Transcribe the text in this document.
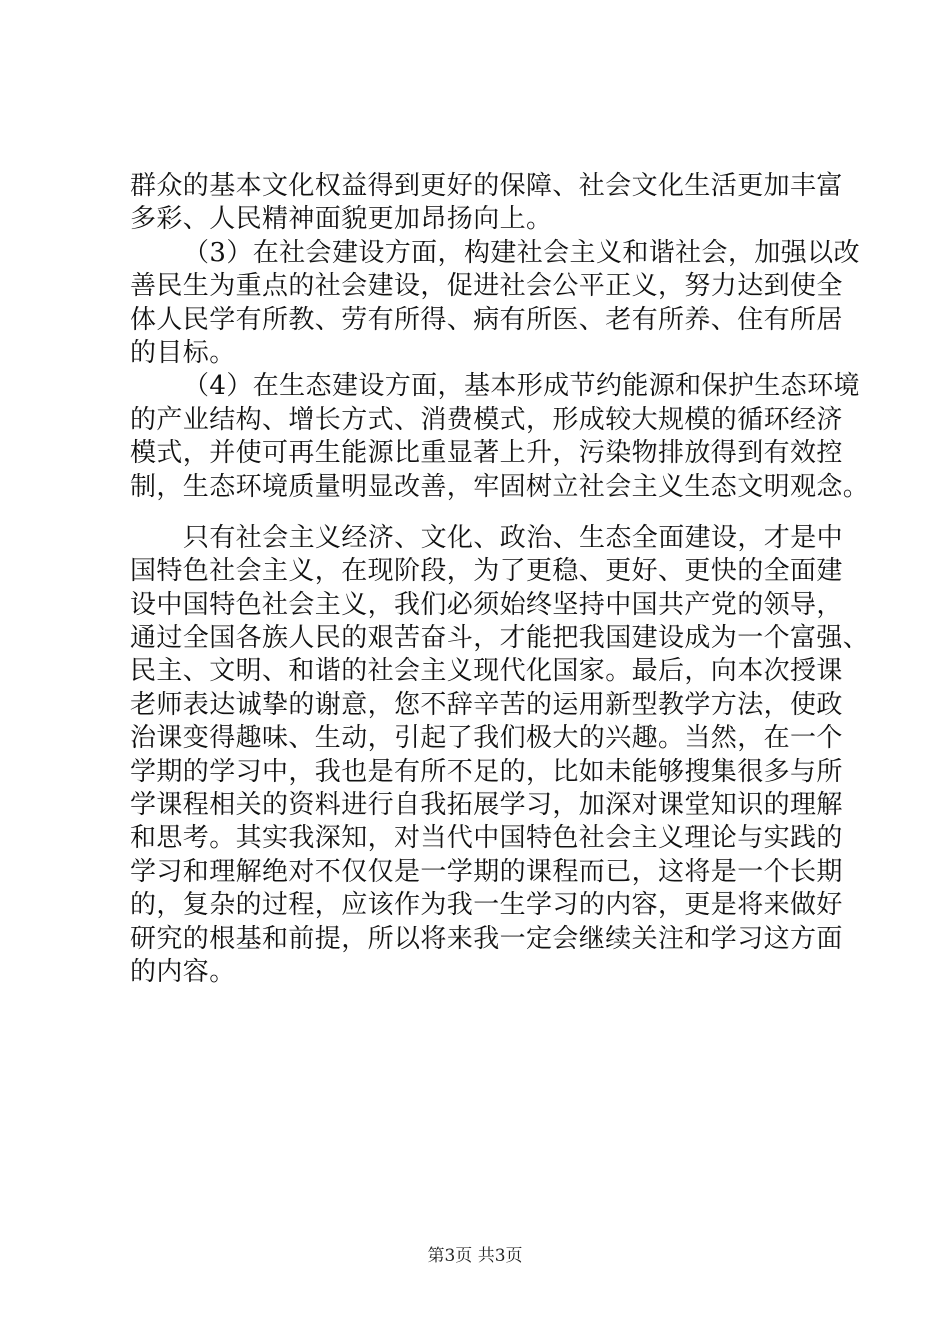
群众的基本文化权益得到更好的保障、社会文化生活更加丰富
多彩、人民精神面貌更加昂扬向上。
（3）在社会建设方面，构建社会主义和谐社会，加强以改
善民生为重点的社会建设，促进社会公平正义，努力达到使全
体人民学有所教、劳有所得、病有所医、老有所养、住有所居
的目标。
（4）在生态建设方面，基本形成节约能源和保护生态环境
的产业结构、增长方式、消费模式，形成较大规模的循环经济
模式，并使可再生能源比重显著上升，污染物排放得到有效控
制，生态环境质量明显改善，牢固树立社会主义生态文明观念。
只有社会主义经济、文化、政治、生态全面建设，才是中
国特色社会主义，在现阶段，为了更稳、更好、更快的全面建
设中国特色社会主义，我们必须始终坚持中国共产党的领导，
通过全国各族人民的艰苦奋斗，才能把我国建设成为一个富强、
民主、文明、和谐的社会主义现代化国家。最后，向本次授课
老师表达诚挚的谢意，您不辞辛苦的运用新型教学方法，使政
治课变得趣味、生动，引起了我们极大的兴趣。当然，在一个
学期的学习中，我也是有所不足的，比如未能够搜集很多与所
学课程相关的资料进行自我拓展学习，加深对课堂知识的理解
和思考。其实我深知，对当代中国特色社会主义理论与实践的
学习和理解绝对不仅仅是一学期的课程而已，这将是一个长期
的，复杂的过程，应该作为我一生学习的内容，更是将来做好
研究的根基和前提，所以将来我一定会继续关注和学习这方面
的内容。
第3页 共3页
